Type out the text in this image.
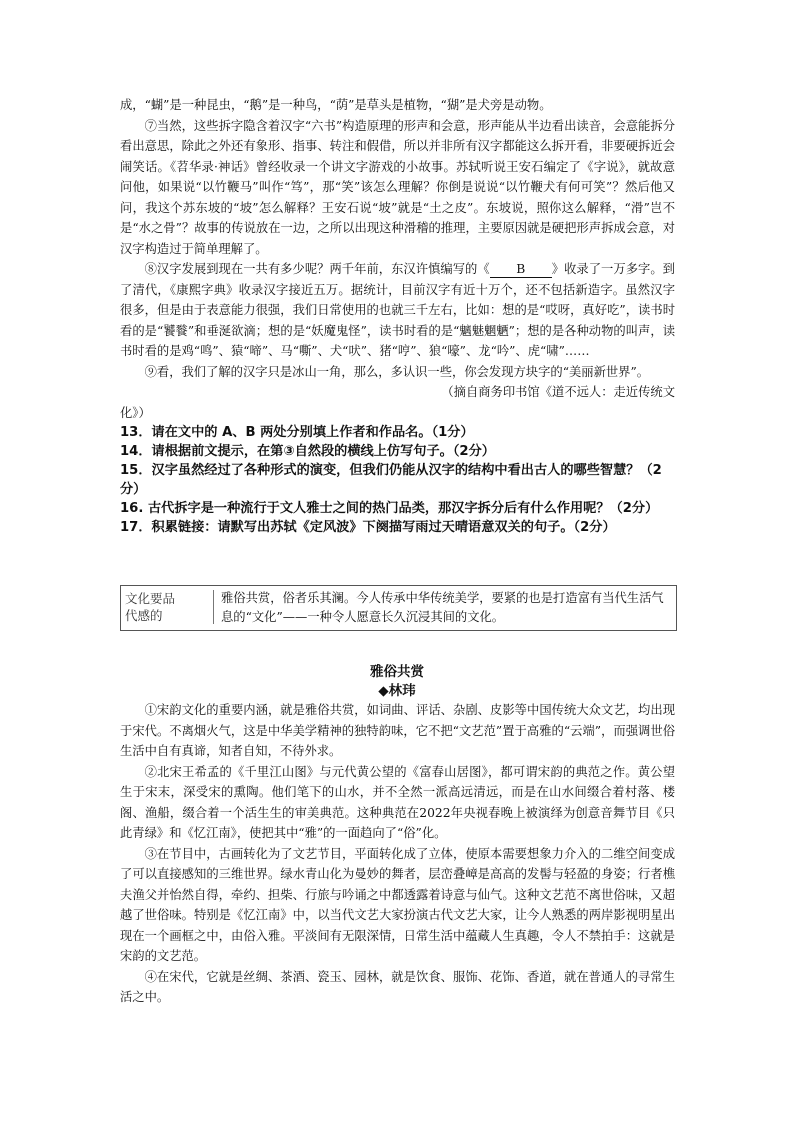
成，“蝴”是一种昆虫，“鹅”是一种鸟，“荫”是草头是植物，“猢”是犬旁是动物。

⑦当然，这些拆字隐含着汉字“六书”构造原理的形声和会意，形声能从半边看出读音，会意能拆分看出意思，除此之外还有象形、指事、转注和假借，所以并非所有汉字都能这么拆开看，非要硬拆近会闹笑话。《苕华录·神话》曾经收录一个讲文字游戏的小故事。苏轼听说王安石编定了《字说》，就故意问他，如果说“以竹鞭马”叫作“笃”，那“笑”该怎么理解？你倒是说说“以竹鞭犬有何可笑”？然后他又问，我这个苏东坡的“坡”怎么解释？王安石说“坡”就是“土之皮”。东坡说，照你这么解释，“滑”岂不是“水之骨”？故事的传说放在一边，之所以出现这种滑稽的推理，主要原因就是硬把形声拆成会意，对汉字构造过于简单理解了。

⑧汉字发展到现在一共有多少呢？两千年前，东汉许慎编写的《 B 》收录了一万多字。到了清代，《康熙字典》收录汉字接近五万。据统计，目前汉字有近十万个，还不包括新造字。虽然汉字很多，但是由于表意能力很强，我们日常使用的也就三千左右，比如：想的是“哎呀，真好吃”，读书时看的是“饕餮”和垂涎欲滴；想的是“妖魔鬼怪”，读书时看的是“魑魅魍魉”；想的是各种动物的叫声，读书时看的是鸡“鸣”、猿“啼”、马“嘶”、犬“吠”、猪“哼”、狼“嚎”、龙“吟”、虎“啸”……

⑨看，我们了解的汉字只是冰山一角，那么，多认识一些，你会发现方块字的“美丽新世界”。

（摘自商务印书馆《道不远人：走近传统文

化》）

13．请在文中的 A、B 两处分别填上作者和作品名。（1分）

14．请根据前文提示，在第③自然段的横线上仿写句子。（2分）

15．汉字虽然经过了各种形式的演变，但我们仍能从汉字的结构中看出古人的哪些智慧？（2分）

16. 古代拆字是一种流行于文人雅士之间的热门品类，那汉字拆分后有什么作用呢？（2分）

17．积累链接：请默写出苏轼《定风波》下阕描写雨过天晴语意双关的句子。（2分）

文化要品
代感的
雅俗共赏，俗者乐其澜。今人传承中华传统美学，要紧的也是打造富有当代生活气息的“文化”——一种令人愿意长久沉浸其间的文化。
雅俗共赏
◆林玮

①宋韵文化的重要内涵，就是雅俗共赏，如词曲、评话、杂剧、皮影等中国传统大众文艺，均出现于宋代。不离烟火气，这是中华美学精神的独特韵味，它不把“文艺范”置于高雅的“云端”，而强调世俗生活中自有真谛，知者自知，不待外求。

②北宋王希孟的《千里江山图》与元代黄公望的《富春山居图》，都可谓宋韵的典范之作。黄公望生于宋末，深受宋的熏陶。他们笔下的山水，并不全然一派高远清远，而是在山水间缀合着村落、楼阁、渔船，缀合着一个活生生的审美典范。这种典范在2022年央视春晚上被演绎为创意音舞节目《只此青绿》和《忆江南》，使把其中“雅”的一面趋向了“俗”化。

③在节目中，古画转化为了文艺节目，平面转化成了立体，使原本需要想象力介入的二维空间变成了可以直接感知的三维世界。绿水青山化为曼妙的舞者，层峦叠嶂是高高的发髻与轻盈的身姿；行者樵夫渔父并怡然自得，牵约、担柴、行旅与吟诵之中都透露着诗意与仙气。这种文艺范不离世俗味，又超越了世俗味。特别是《忆江南》中，以当代文艺大家扮演古代文艺大家，让今人熟悉的两岸影视明星出现在一个画框之中，由俗入雅。平淡间有无限深情，日常生活中蕴藏人生真趣，令人不禁拍手：这就是宋韵的文艺范。

④在宋代，它就是丝绸、茶酒、瓷玉、园林，就是饮食、服饰、花饰、香道，就在普通人的寻常生活之中。
